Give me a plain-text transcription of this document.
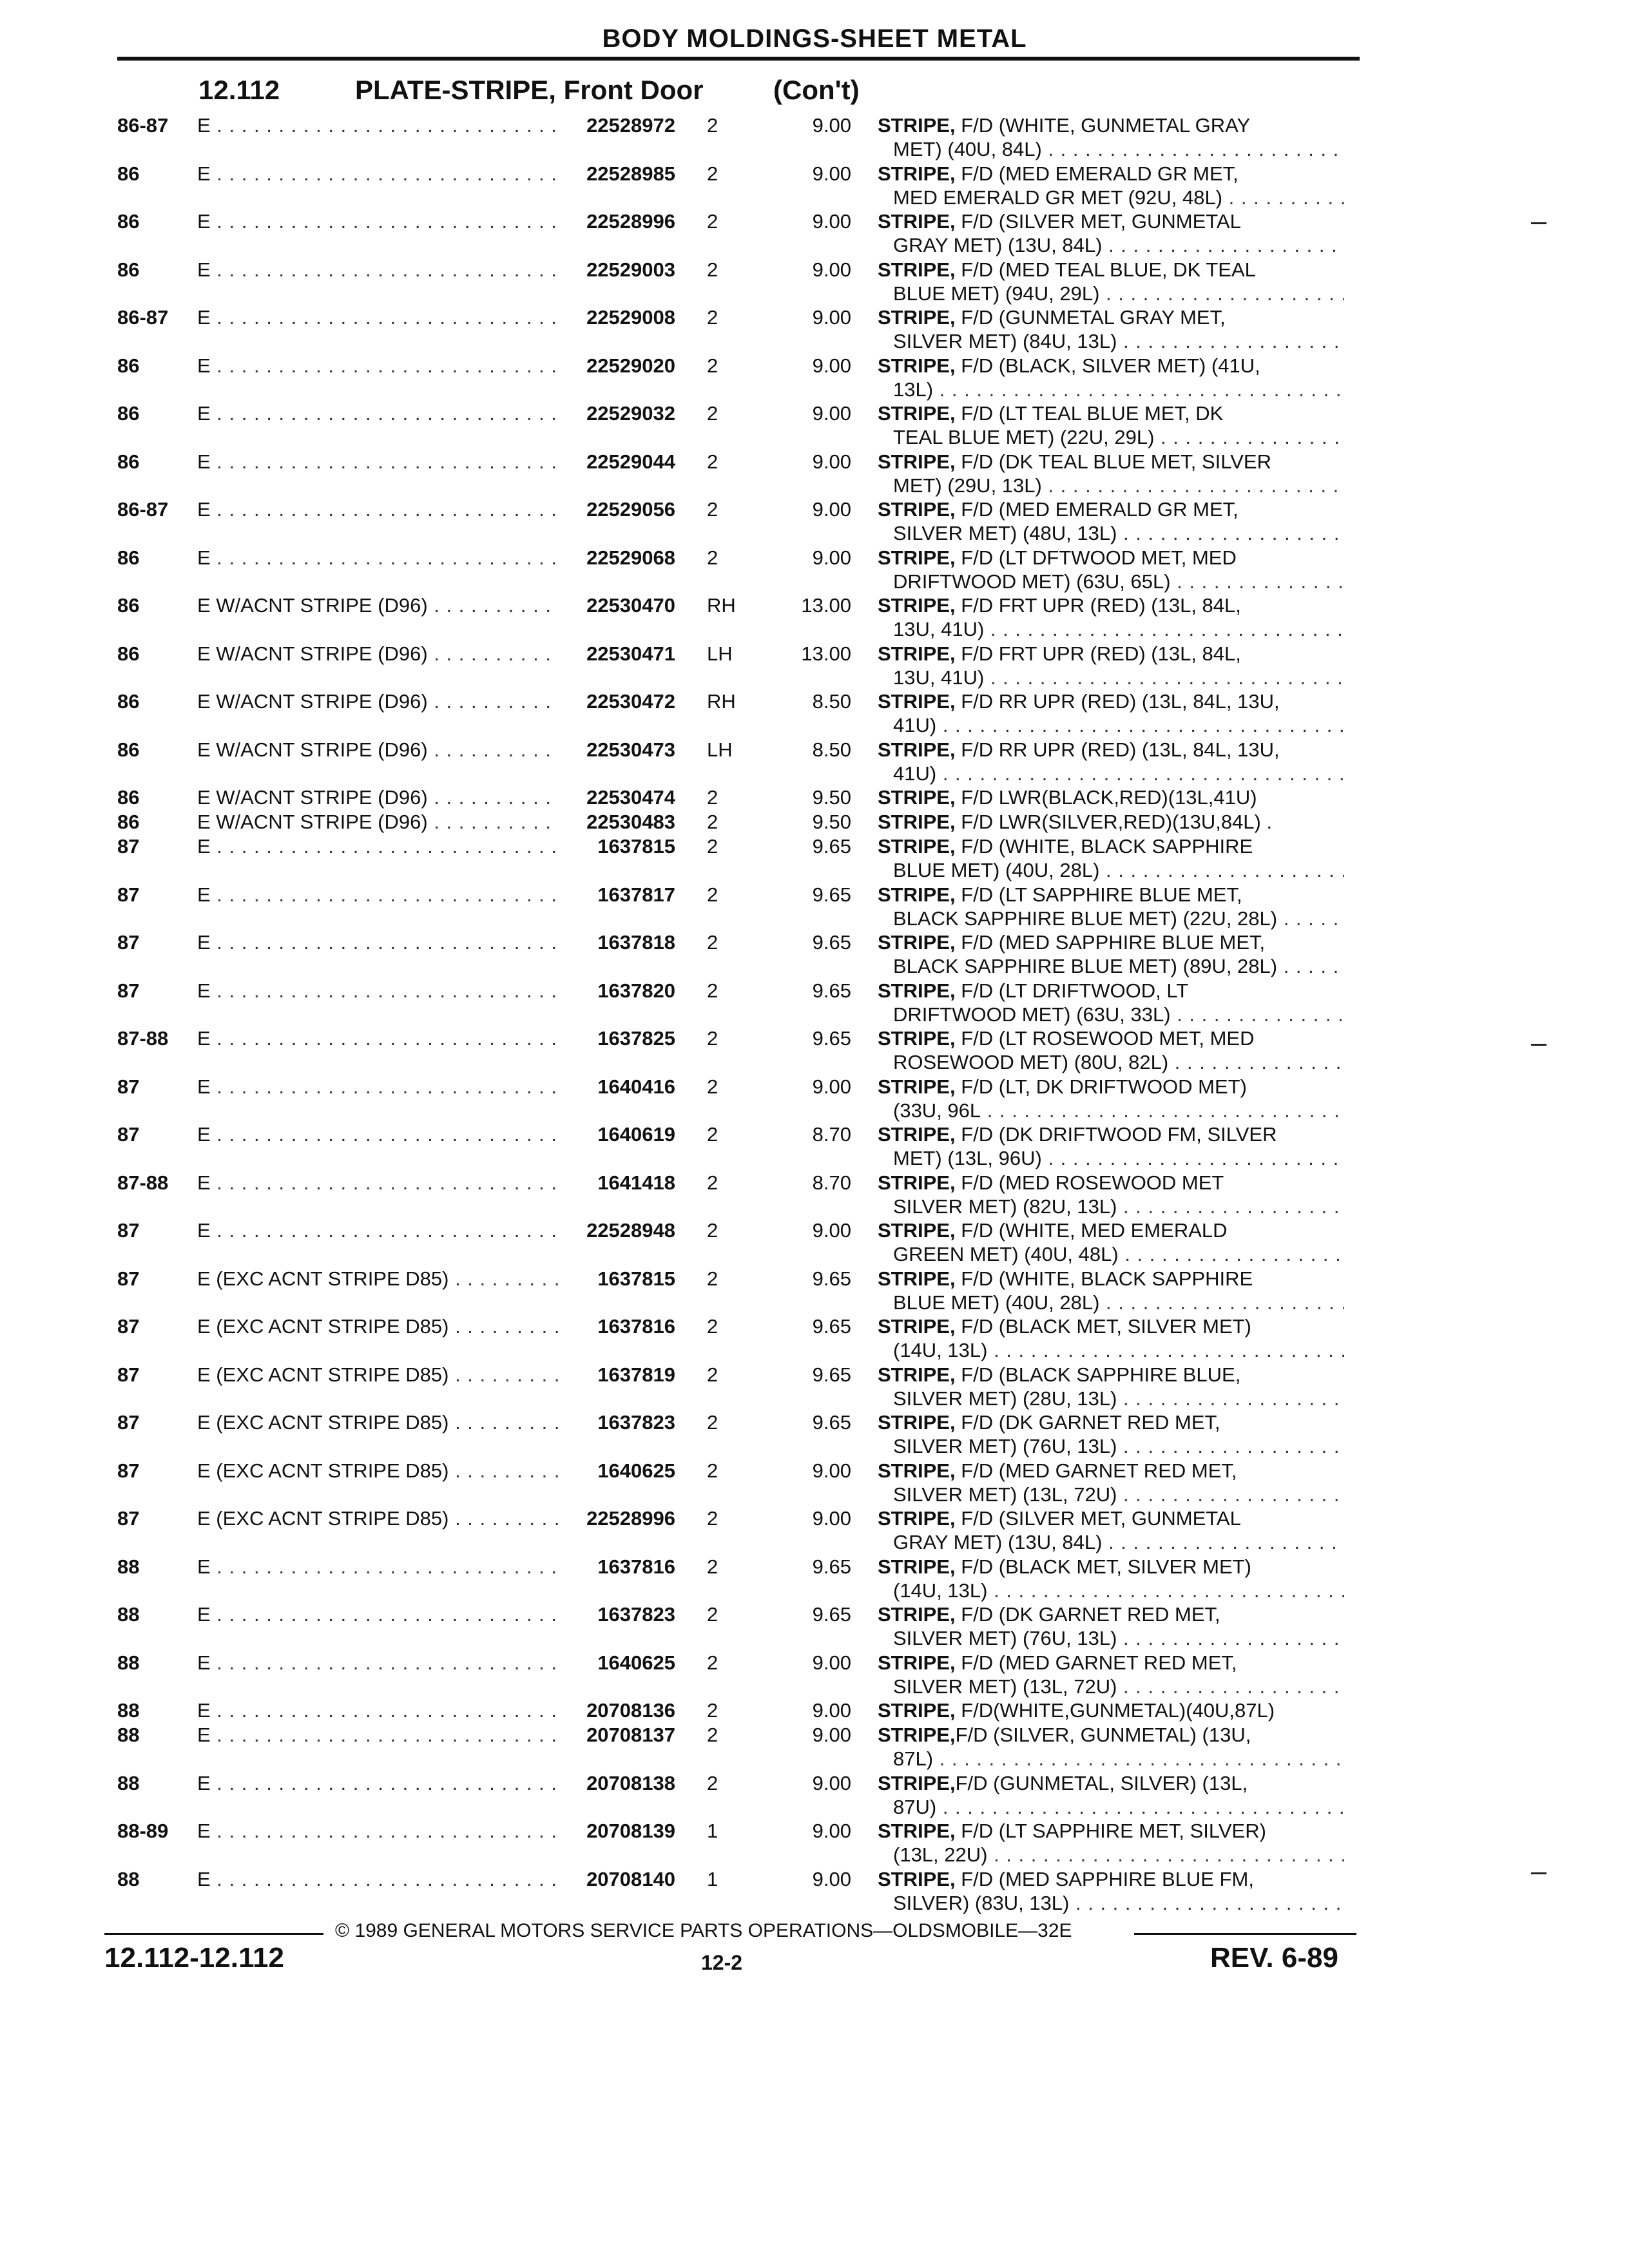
BODY MOLDINGS-SHEET METAL
12.112	PLATE-STRIPE, Front Door	(Con't)
86-87 E . . .	22528972 2	9.00 STRIPE, F/D (WHITE, GUNMETAL GRAY
MET) (40U, 84L) . . .
86	E . . .	22528985 2	9.00 STRIPE, F/D (MED EMERALD GR MET,
MED EMERALD GR MET (92U, 48L) . . .
86	E . . .	22528996 2	9.00 STRIPE, F/D (SILVER MET, GUNMETAL
GRAY MET) (13U, 84L) . . .
86	E . . .	22529003 2	9.00 STRIPE, F/D (MED TEAL BLUE, DK TEAL
BLUE MET) (94U, 29L) . . .
86-87 E . . .	22529008 2	9.00 STRIPE, F/D (GUNMETAL GRAY MET,
SILVER MET) (84U, 13L) . . .
86	E . . .	22529020 2	9.00 STRIPE, F/D (BLACK, SILVER MET) (41U,
13L) . . .
86	E . . .	22529032 2	9.00 STRIPE, F/D (LT TEAL BLUE MET, DK
TEAL BLUE MET) (22U, 29L) . . .
86	E . . .	22529044 2	9.00 STRIPE, F/D (DK TEAL BLUE MET, SILVER
MET) (29U, 13L) . . .
86-87 E . . .	22529056 2	9.00 STRIPE, F/D (MED EMERALD GR MET,
SILVER MET) (48U, 13L) . . .
86	E . . .	22529068 2	9.00 STRIPE, F/D (LT DFTWOOD MET, MED
DRIFTWOOD MET) (63U, 65L) . . .
86	E W/ACNT STRIPE (D96) . . .	22530470 RH	13.00 STRIPE, F/D FRT UPR (RED) (13L, 84L,
13U, 41U) . . .
86	E W/ACNT STRIPE (D96) . . .	22530471 LH	13.00 STRIPE, F/D FRT UPR (RED) (13L, 84L,
13U, 41U) . . .
86	E W/ACNT STRIPE (D96) . . .	22530472 RH	8.50 STRIPE, F/D RR UPR (RED) (13L, 84L, 13U,
41U) . . .
86	E W/ACNT STRIPE (D96) . . .	22530473 LH	8.50 STRIPE, F/D RR UPR (RED) (13L, 84L, 13U,
41U) . . .
86	E W/ACNT STRIPE (D96) . . .	22530474 2	9.50 STRIPE, F/D LWR(BLACK,RED)(13L,41U)
86	E W/ACNT STRIPE (D96) . . .	22530483 2	9.50 STRIPE, F/D LWR(SILVER,RED)(13U,84L) .
87	E . . .	1637815 2	9.65 STRIPE, F/D (WHITE, BLACK SAPPHIRE
BLUE MET) (40U, 28L) . . .
87	E . . .	1637817 2	9.65 STRIPE, F/D (LT SAPPHIRE BLUE MET,
BLACK SAPPHIRE BLUE MET) (22U, 28L) . . .
87	E . . .	1637818 2	9.65 STRIPE, F/D (MED SAPPHIRE BLUE MET,
BLACK SAPPHIRE BLUE MET) (89U, 28L) . . .
87	E . . .	1637820 2	9.65 STRIPE, F/D (LT DRIFTWOOD, LT
DRIFTWOOD MET) (63U, 33L) . . .
87-88 E . . .	1637825 2	9.65 STRIPE, F/D (LT ROSEWOOD MET, MED
ROSEWOOD MET) (80U, 82L) . . .
87	E . . .	1640416 2	9.00 STRIPE, F/D (LT, DK DRIFTWOOD MET)
(33U, 96L . . .
87	E . . .	1640619 2	8.70 STRIPE, F/D (DK DRIFTWOOD FM, SILVER
MET) (13L, 96U) . . .
87-88 E . . .	1641418 2	8.70 STRIPE, F/D (MED ROSEWOOD MET
SILVER MET) (82U, 13L) . . .
87	E . . .	22528948 2	9.00 STRIPE, F/D (WHITE, MED EMERALD
GREEN MET) (40U, 48L) . . .
87	E (EXC ACNT STRIPE D85) . . .	1637815 2	9.65 STRIPE, F/D (WHITE, BLACK SAPPHIRE
BLUE MET) (40U, 28L) . . .
87	E (EXC ACNT STRIPE D85) . . .	1637816 2	9.65 STRIPE, F/D (BLACK MET, SILVER MET)
(14U, 13L) . . .
87	E (EXC ACNT STRIPE D85) . . .	1637819 2	9.65 STRIPE, F/D (BLACK SAPPHIRE BLUE,
SILVER MET) (28U, 13L) . . .
87	E (EXC ACNT STRIPE D85) . . .	1637823 2	9.65 STRIPE, F/D (DK GARNET RED MET,
SILVER MET) (76U, 13L) . . .
87	E (EXC ACNT STRIPE D85) . . .	1640625 2	9.00 STRIPE, F/D (MED GARNET RED MET,
SILVER MET) (13L, 72U) . . .
87	E (EXC ACNT STRIPE D85) . . .	22528996 2	9.00 STRIPE, F/D (SILVER MET, GUNMETAL
GRAY MET) (13U, 84L) . . .
88	E . . .	1637816 2	9.65 STRIPE, F/D (BLACK MET, SILVER MET)
(14U, 13L) . . .
88	E . . .	1637823 2	9.65 STRIPE, F/D (DK GARNET RED MET,
SILVER MET) (76U, 13L) . . .
88	E . . .	1640625 2	9.00 STRIPE, F/D (MED GARNET RED MET,
SILVER MET) (13L, 72U) . . .
88	E . . .	20708136 2	9.00 STRIPE, F/D(WHITE,GUNMETAL)(40U,87L)
88	E . . .	20708137 2	9.00 STRIPE,F/D (SILVER, GUNMETAL) (13U,
87L) . . .
88	E . . .	20708138 2	9.00 STRIPE,F/D (GUNMETAL, SILVER) (13L,
87U) . . .
88-89 E . . .	20708139 1	9.00 STRIPE, F/D (LT SAPPHIRE MET, SILVER)
(13L, 22U) . . .
88	E . . .	20708140 1	9.00 STRIPE, F/D (MED SAPPHIRE BLUE FM,
SILVER) (83U, 13L) . . .
© 1989 GENERAL MOTORS SERVICE PARTS OPERATIONS—OLDSMOBILE—32E
12.112-12.112	12-2	REV. 6-89
